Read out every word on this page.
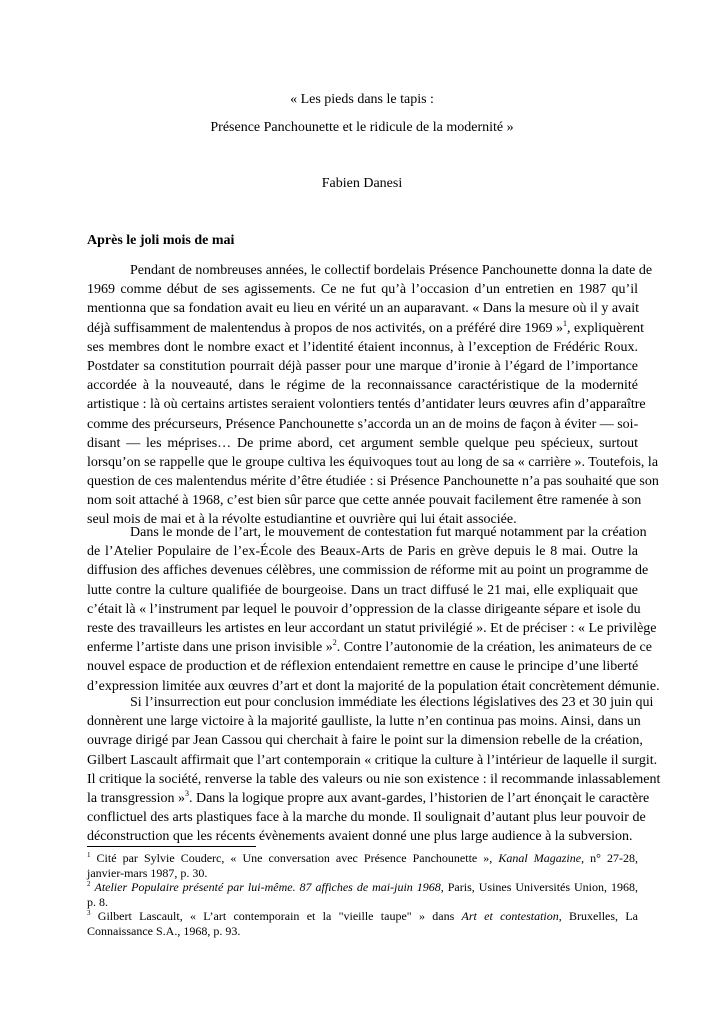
« Les pieds dans le tapis :
Présence Panchounette et le ridicule de la modernité »
Fabien Danesi
Après le joli mois de mai
Pendant de nombreuses années, le collectif bordelais Présence Panchounette donna la date de
1969 comme début de ses agissements. Ce ne fut qu’à l’occasion d’un entretien en 1987 qu’il
mentionna que sa fondation avait eu lieu en vérité un an auparavant. « Dans la mesure où il y avait
déjà suffisamment de malentendus à propos de nos activités, on a préféré dire 1969 »$^1$, expliquèrent
ses membres dont le nombre exact et l’identité étaient inconnus, à l’exception de Frédéric Roux.
Postdater sa constitution pourrait déjà passer pour une marque d’ironie à l’égard de l’importance
accordée à la nouveauté, dans le régime de la reconnaissance caractéristique de la modernité
artistique : là où certains artistes seraient volontiers tentés d’antidater leurs œuvres afin d’apparaître
comme des précurseurs, Présence Panchounette s’accorda un an de moins de façon à éviter — soi-
disant — les méprises… De prime abord, cet argument semble quelque peu spécieux, surtout
lorsqu’on se rappelle que le groupe cultiva les équivoques tout au long de sa « carrière ». Toutefois, la
question de ces malentendus mérite d’être étudiée : si Présence Panchounette n’a pas souhaité que son
nom soit attaché à 1968, c’est bien sûr parce que cette année pouvait facilement être ramenée à son
seul mois de mai et à la révolte estudiantine et ouvrière qui lui était associée.
Dans le monde de l’art, le mouvement de contestation fut marqué notamment par la création
de l’Atelier Populaire de l’ex-École des Beaux-Arts de Paris en grève depuis le 8 mai. Outre la
diffusion des affiches devenues célèbres, une commission de réforme mit au point un programme de
lutte contre la culture qualifiée de bourgeoise. Dans un tract diffusé le 21 mai, elle expliquait que
c’était là « l’instrument par lequel le pouvoir d’oppression de la classe dirigeante sépare et isole du
reste des travailleurs les artistes en leur accordant un statut privilégié ». Et de préciser : « Le privilège
enferme l’artiste dans une prison invisible »$^2$. Contre l’autonomie de la création, les animateurs de ce
nouvel espace de production et de réflexion entendaient remettre en cause le principe d’une liberté
d’expression limitée aux œuvres d’art et dont la majorité de la population était concrètement démunie.
Si l’insurrection eut pour conclusion immédiate les élections législatives des 23 et 30 juin qui
donnèrent une large victoire à la majorité gaulliste, la lutte n’en continua pas moins. Ainsi, dans un
ouvrage dirigé par Jean Cassou qui cherchait à faire le point sur la dimension rebelle de la création,
Gilbert Lascault affirmait que l’art contemporain « critique la culture à l’intérieur de laquelle il surgit.
Il critique la société, renverse la table des valeurs ou nie son existence : il recommande inlassablement
la transgression »$^3$. Dans la logique propre aux avant-gardes, l’historien de l’art énonçait le caractère
conflictuel des arts plastiques face à la marche du monde. Il soulignait d’autant plus leur pouvoir de
déconstruction que les récents évènements avaient donné une plus large audience à la subversion.
$^1$ Cité par Sylvie Couderc, « Une conversation avec Présence Panchounette », Kanal Magazine, n° 27-28,
janvier-mars 1987, p. 30.
$^2$ Atelier Populaire présenté par lui-même. 87 affiches de mai-juin 1968, Paris, Usines Universités Union, 1968,
p. 8.
$^3$ Gilbert Lascault, « L’art contemporain et la "vieille taupe" » dans Art et contestation, Bruxelles, La
Connaissance S.A., 1968, p. 93.
